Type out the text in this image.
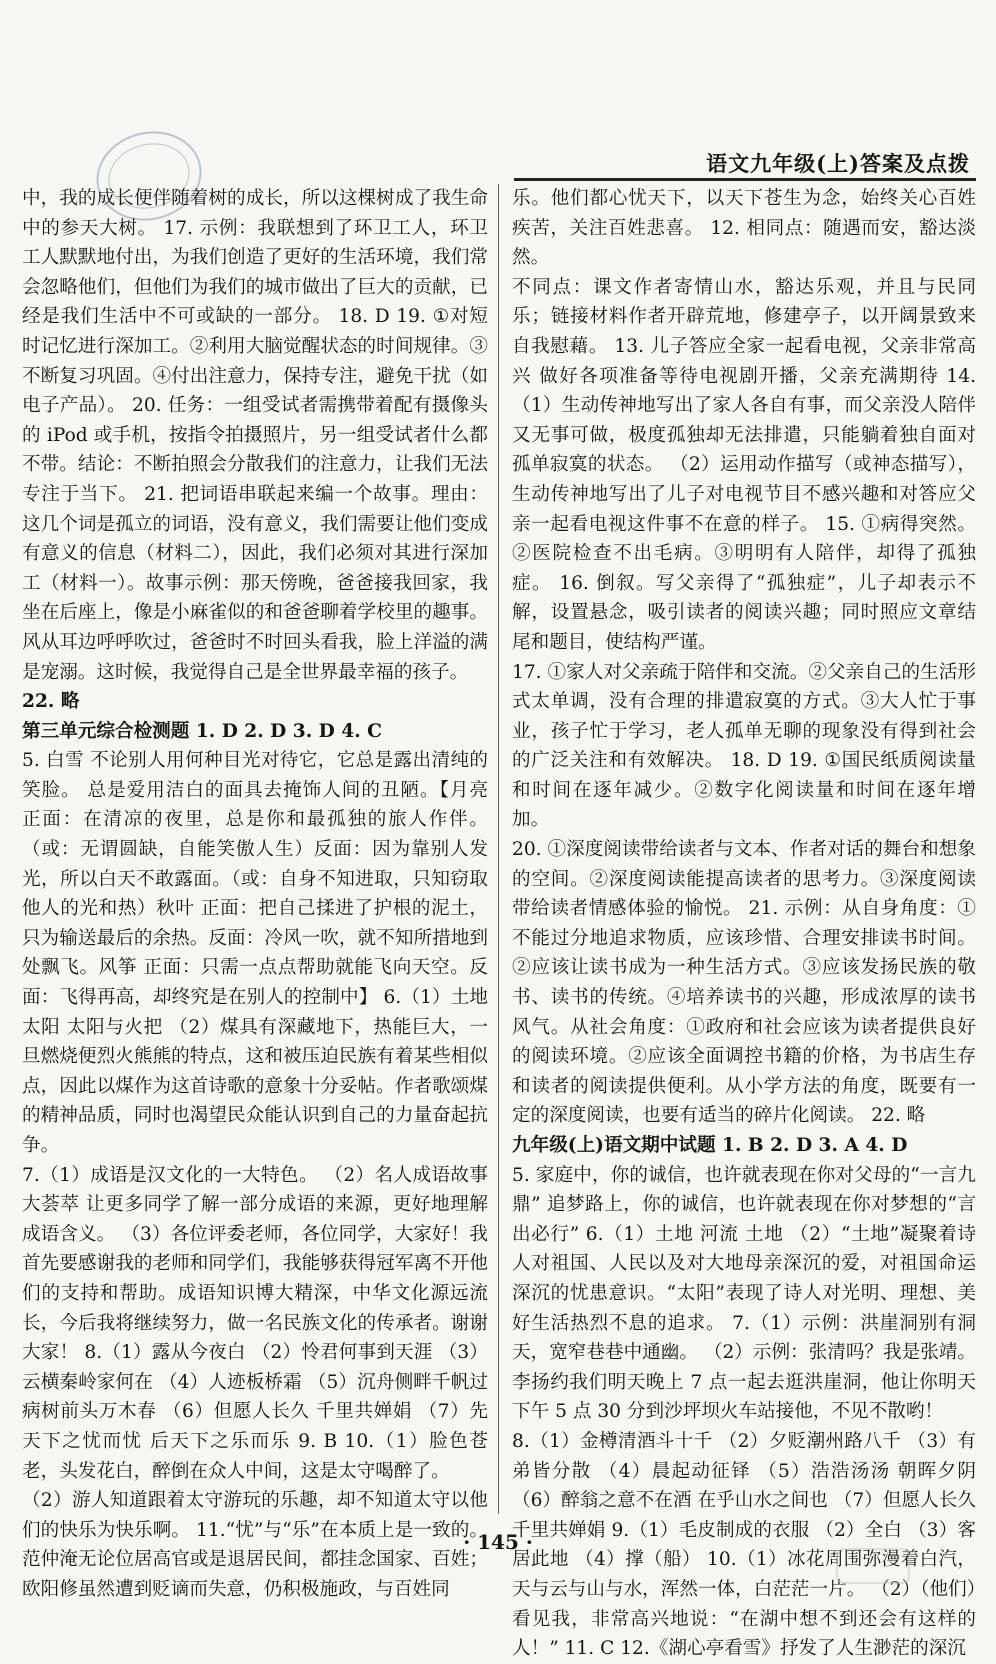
语文九年级(上)答案及点拨

中，我的成长便伴随着树的成长，所以这棵树成了我生命中的参天大树。 17. 示例：我联想到了环卫工人，环卫工人默默地付出，为我们创造了更好的生活环境，我们常会忽略他们，但他们为我们的城市做出了巨大的贡献，已经是我们生活中不可或缺的一部分。 18. D 19. ①对短时记忆进行深加工。②利用大脑觉醒状态的时间规律。③不断复习巩固。④付出注意力，保持专注，避免干扰（如电子产品）。 20. 任务：一组受试者需携带着配有摄像头的 iPod 或手机，按指令拍摄照片，另一组受试者什么都不带。结论：不断拍照会分散我们的注意力，让我们无法专注于当下。 21. 把词语串联起来编一个故事。理由：这几个词是孤立的词语，没有意义，我们需要让他们变成有意义的信息（材料二），因此，我们必须对其进行深加工（材料一）。故事示例：那天傍晚，爸爸接我回家，我坐在后座上，像是小麻雀似的和爸爸聊着学校里的趣事。风从耳边呼呼吹过，爸爸时不时回头看我，脸上洋溢的满是宠溺。这时候，我觉得自己是全世界最幸福的孩子。

22. 略

第三单元综合检测题 1. D 2. D 3. D 4. C

5. 白雪 不论别人用何种目光对待它，它总是露出清纯的笑脸。 总是爱用洁白的面具去掩饰人间的丑陋。【月亮 正面：在清凉的夜里，总是你和最孤独的旅人作伴。（或：无谓圆缺，自能笑傲人生）反面：因为靠别人发光，所以白天不敢露面。（或：自身不知进取，只知窃取他人的光和热）秋叶 正面：把自己揉进了护根的泥土，只为输送最后的余热。反面：冷风一吹，就不知所措地到处飘飞。风筝 正面：只需一点点帮助就能飞向天空。反面：飞得再高，却终究是在别人的控制中】 6.（1）土地 太阳 太阳与火把 （2）煤具有深藏地下，热能巨大，一旦燃烧便烈火熊熊的特点，这和被压迫民族有着某些相似点，因此以煤作为这首诗歌的意象十分妥帖。作者歌颂煤的精神品质，同时也渴望民众能认识到自己的力量奋起抗争。

7.（1）成语是汉文化的一大特色。 （2）名人成语故事大荟萃 让更多同学了解一部分成语的来源，更好地理解成语含义。 （3）各位评委老师，各位同学，大家好！我首先要感谢我的老师和同学们，我能够获得冠军离不开他们的支持和帮助。成语知识博大精深，中华文化源远流长，今后我将继续努力，做一名民族文化的传承者。谢谢大家！ 8.（1）露从今夜白 （2）怜君何事到天涯 （3）云横秦岭家何在 （4）人迹板桥霜 （5）沉舟侧畔千帆过 病树前头万木春 （6）但愿人长久 千里共婵娟 （7）先天下之忧而忧 后天下之乐而乐 9. B 10.（1）脸色苍老，头发花白，醉倒在众人中间，这是太守喝醉了。

（2）游人知道跟着太守游玩的乐趣，却不知道太守以他们的快乐为快乐啊。 11.“忧”与“乐”在本质上是一致的。范仲淹无论位居高官或是退居民间，都挂念国家、百姓；欧阳修虽然遭到贬谪而失意，仍积极施政，与百姓同

乐。他们都心忧天下，以天下苍生为念，始终关心百姓疾苦，关注百姓悲喜。 12. 相同点：随遇而安，豁达淡然。

不同点：课文作者寄情山水，豁达乐观，并且与民同乐；链接材料作者开辟荒地，修建亭子，以开阔景致来自我慰藉。 13. 儿子答应全家一起看电视，父亲非常高兴 做好各项准备等待电视剧开播，父亲充满期待 14.（1）生动传神地写出了家人各自有事，而父亲没人陪伴又无事可做，极度孤独却无法排遣，只能躺着独自面对孤单寂寞的状态。 （2）运用动作描写（或神态描写），生动传神地写出了儿子对电视节目不感兴趣和对答应父亲一起看电视这件事不在意的样子。 15. ①病得突然。②医院检查不出毛病。③明明有人陪伴，却得了孤独症。 16. 倒叙。写父亲得了“孤独症”，儿子却表示不解，设置悬念，吸引读者的阅读兴趣；同时照应文章结尾和题目，使结构严谨。

17. ①家人对父亲疏于陪伴和交流。②父亲自己的生活形式太单调，没有合理的排遣寂寞的方式。③大人忙于事业，孩子忙于学习，老人孤单无聊的现象没有得到社会的广泛关注和有效解决。 18. D 19. ①国民纸质阅读量和时间在逐年减少。②数字化阅读量和时间在逐年增加。

20. ①深度阅读带给读者与文本、作者对话的舞台和想象的空间。②深度阅读能提高读者的思考力。③深度阅读带给读者情感体验的愉悦。 21. 示例：从自身角度：①不能过分地追求物质，应该珍惜、合理安排读书时间。②应该让读书成为一种生活方式。③应该发扬民族的敬书、读书的传统。④培养读书的兴趣，形成浓厚的读书风气。从社会角度：①政府和社会应该为读者提供良好的阅读环境。②应该全面调控书籍的价格，为书店生存和读者的阅读提供便利。从小学方法的角度，既要有一定的深度阅读，也要有适当的碎片化阅读。 22. 略

九年级(上)语文期中试题 1. B 2. D 3. A 4. D

5. 家庭中，你的诚信，也许就表现在你对父母的“一言九鼎” 追梦路上，你的诚信，也许就表现在你对梦想的“言出必行” 6.（1）土地 河流 土地 （2）“土地”凝聚着诗人对祖国、人民以及对大地母亲深沉的爱，对祖国命运深沉的忧患意识。“太阳”表现了诗人对光明、理想、美好生活热烈不息的追求。 7.（1）示例：洪崖洞别有洞天，宽窄巷巷中通幽。 （2）示例：张清吗？我是张靖。李扬约我们明天晚上 7 点一起去逛洪崖洞，他让你明天下午 5 点 30 分到沙坪坝火车站接他，不见不散哟！

8.（1）金樽清酒斗十千 （2）夕贬潮州路八千 （3）有弟皆分散 （4）晨起动征铎 （5）浩浩汤汤 朝晖夕阴 （6）醉翁之意不在酒 在乎山水之间也 （7）但愿人长久 千里共婵娟 9.（1）毛皮制成的衣服 （2）全白 （3）客居此地 （4）撑（船） 10.（1）冰花周围弥漫着白汽，天与云与山与水，浑然一体，白茫茫一片。 （2）（他们）看见我，非常高兴地说：“在湖中想不到还会有这样的人！” 11. C 12.《湖心亭看雪》抒发了人生渺茫的深沉

· 145 ·
